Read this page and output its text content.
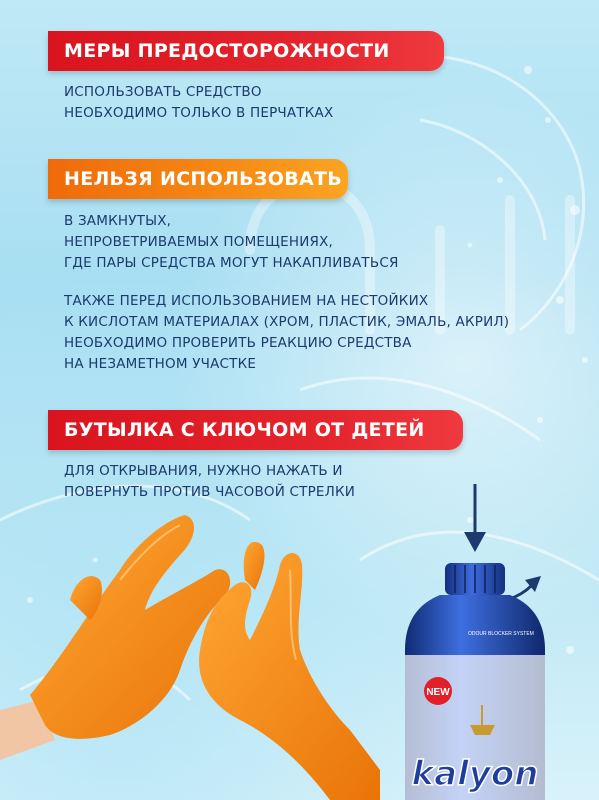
МЕРЫ ПРЕДОСТОРОЖНОСТИ
ИСПОЛЬЗОВАТЬ СРЕДСТВО
НЕОБХОДИМО ТОЛЬКО В ПЕРЧАТКАХ
НЕЛЬЗЯ ИСПОЛЬЗОВАТЬ
В ЗАМКНУТЫХ,
НЕПРОВЕТРИВАЕМЫХ ПОМЕЩЕНИЯХ,
ГДЕ ПАРЫ СРЕДСТВА МОГУТ НАКАПЛИВАТЬСЯ
ТАКЖЕ ПЕРЕД ИСПОЛЬЗОВАНИЕМ НА НЕСТОЙКИХ
К КИСЛОТАМ МАТЕРИАЛАХ (ХРОМ, ПЛАСТИК, ЭМАЛЬ, АКРИЛ)
НЕОБХОДИМО ПРОВЕРИТЬ РЕАКЦИЮ СРЕДСТВА
НА НЕЗАМЕТНОМ УЧАСТКЕ
БУТЫЛКА С КЛЮЧОМ ОТ ДЕТЕЙ
ДЛЯ ОТКРЫВАНИЯ, НУЖНО НАЖАТЬ И
ПОВЕРНУТЬ ПРОТИВ ЧАСОВОЙ СТРЕЛКИ
NEW
ODOUR BLOCKER SYSTEM
kalyon
